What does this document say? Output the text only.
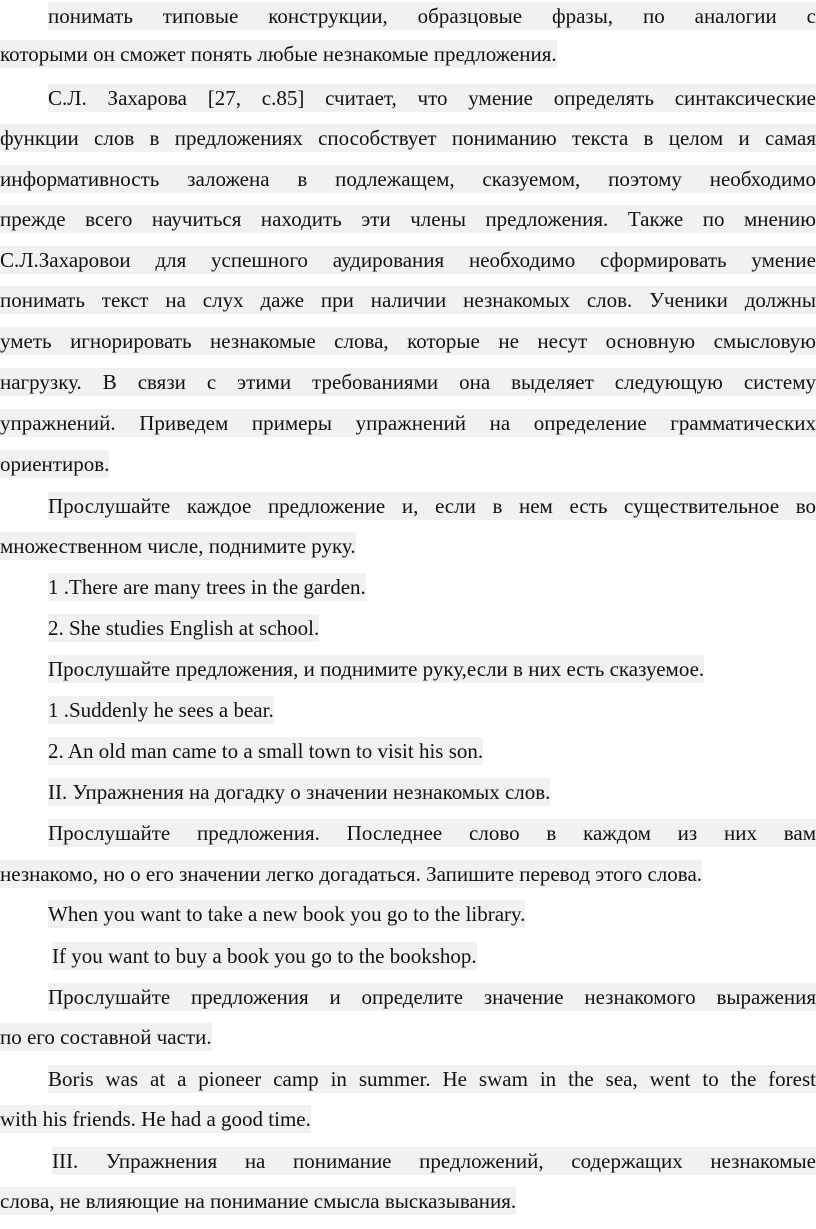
понимать типовые конструкции, образцовые фразы, по аналогии с
которыми он сможет понять любые незнакомые предложения.
С.Л. Захарова [27, с.85] считает, что умение определять синтаксические
функции слов в предложениях способствует пониманию текста в целом и самая
информативность заложена в подлежащем, сказуемом, поэтому необходимо
прежде всего научиться находить эти члены предложения. Также по мнению
С.Л.Захаровои для успешного аудирования необходимо сформировать умение
понимать текст на слух даже при наличии незнакомых слов. Ученики должны
уметь игнорировать незнакомые слова, которые не несут основную смысловую
нагрузку. В связи с этими требованиями она выделяет следующую систему
упражнений. Приведем примеры упражнений на определение грамматических
ориентиров.
Прослушайте каждое предложение и, если в нем есть существительное во
множественном числе, поднимите руку.
1 .There are many trees in the garden.
2. She studies English at school.
Прослушайте предложения, и поднимите руку,если в них есть сказуемое.
1 .Suddenly he sees a bear.
2. An old man came to a small town to visit his son.
II. Упражнения на догадку о значении незнакомых слов.
Прослушайте предложения. Последнее слово в каждом из них вам
незнакомо, но о его значении легко догадаться. Запишите перевод этого слова.
When you want to take a new book you go to the library.
If you want to buy a book you go to the bookshop.
Прослушайте предложения и определите значение незнакомого выражения
по его составной части.
Boris was at a pioneer camp in summer. He swam in the sea, went to the forest
with his friends. He had a good time.
III. Упражнения на понимание предложений, содержащих незнакомые
слова, не влияющие на понимание смысла высказывания.
